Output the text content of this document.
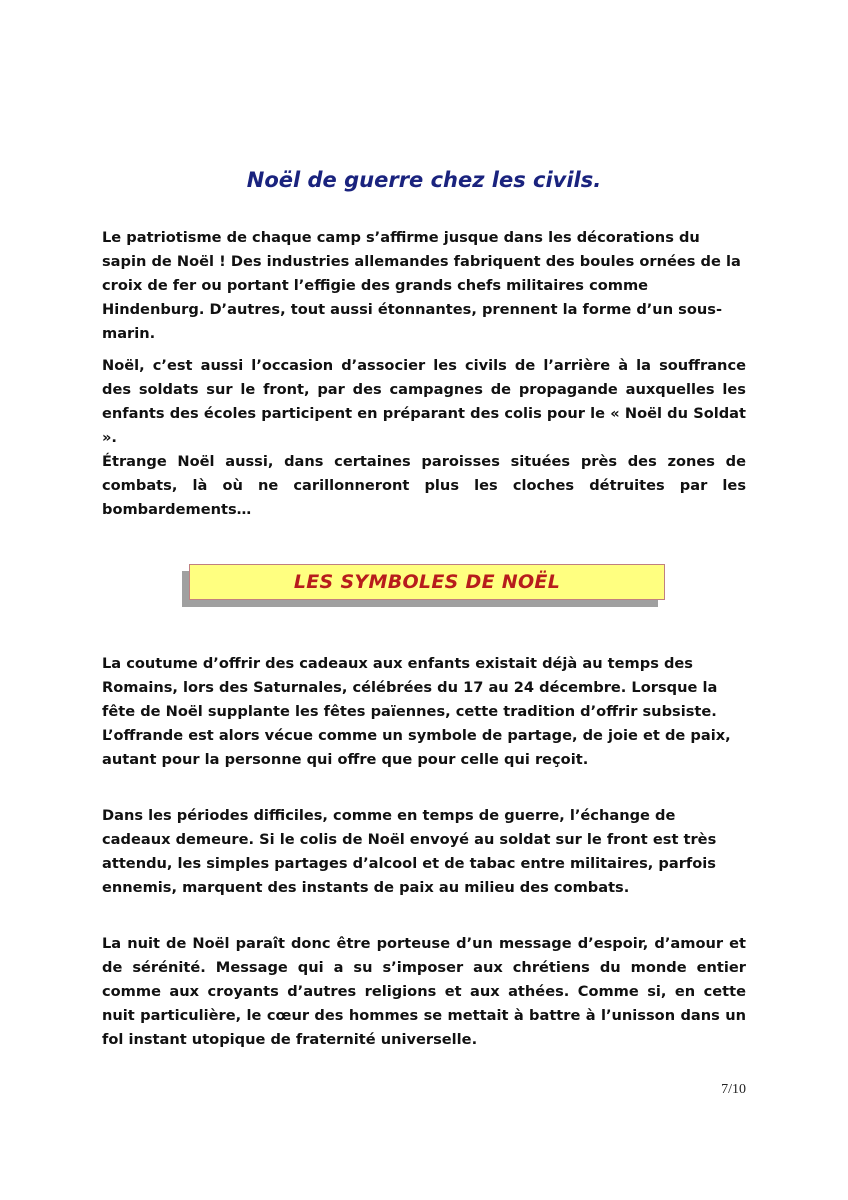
Noël de guerre chez les civils.

Le patriotisme de chaque camp s’affirme jusque dans les décorations du sapin de Noël ! Des industries allemandes fabriquent des boules ornées de la croix de fer ou portant l’effigie des grands chefs militaires comme Hindenburg. D’autres, tout aussi étonnantes, prennent la forme d’un sous-marin.

Noël, c’est aussi l’occasion d’associer les civils de l’arrière à la souffrance des soldats sur le front, par des campagnes de propagande auxquelles les enfants des écoles participent en préparant des colis pour le « Noël du Soldat ».

Étrange Noël aussi, dans certaines paroisses situées près des zones de combats, là où ne carillonneront plus les cloches détruites par les bombardements…

LES SYMBOLES DE NOËL

La coutume d’offrir des cadeaux aux enfants existait déjà au temps des Romains, lors des Saturnales, célébrées du 17 au 24 décembre. Lorsque la fête de Noël supplante les fêtes païennes, cette tradition d’offrir subsiste. L’offrande est alors vécue comme un symbole de partage, de joie et de paix, autant pour la personne qui offre que pour celle qui reçoit.

Dans les périodes difficiles, comme en temps de guerre, l’échange de cadeaux demeure. Si le colis de Noël envoyé au soldat sur le front est très attendu, les simples partages d’alcool et de tabac entre militaires, parfois ennemis, marquent des instants de paix au milieu des combats.

La nuit de Noël paraît donc être porteuse d’un message d’espoir, d’amour et de sérénité. Message qui a su s’imposer aux chrétiens du monde entier comme aux croyants d’autres religions et aux athées. Comme si, en cette nuit particulière, le cœur des hommes se mettait à battre à l’unisson dans un fol instant utopique de fraternité universelle.

7/10
